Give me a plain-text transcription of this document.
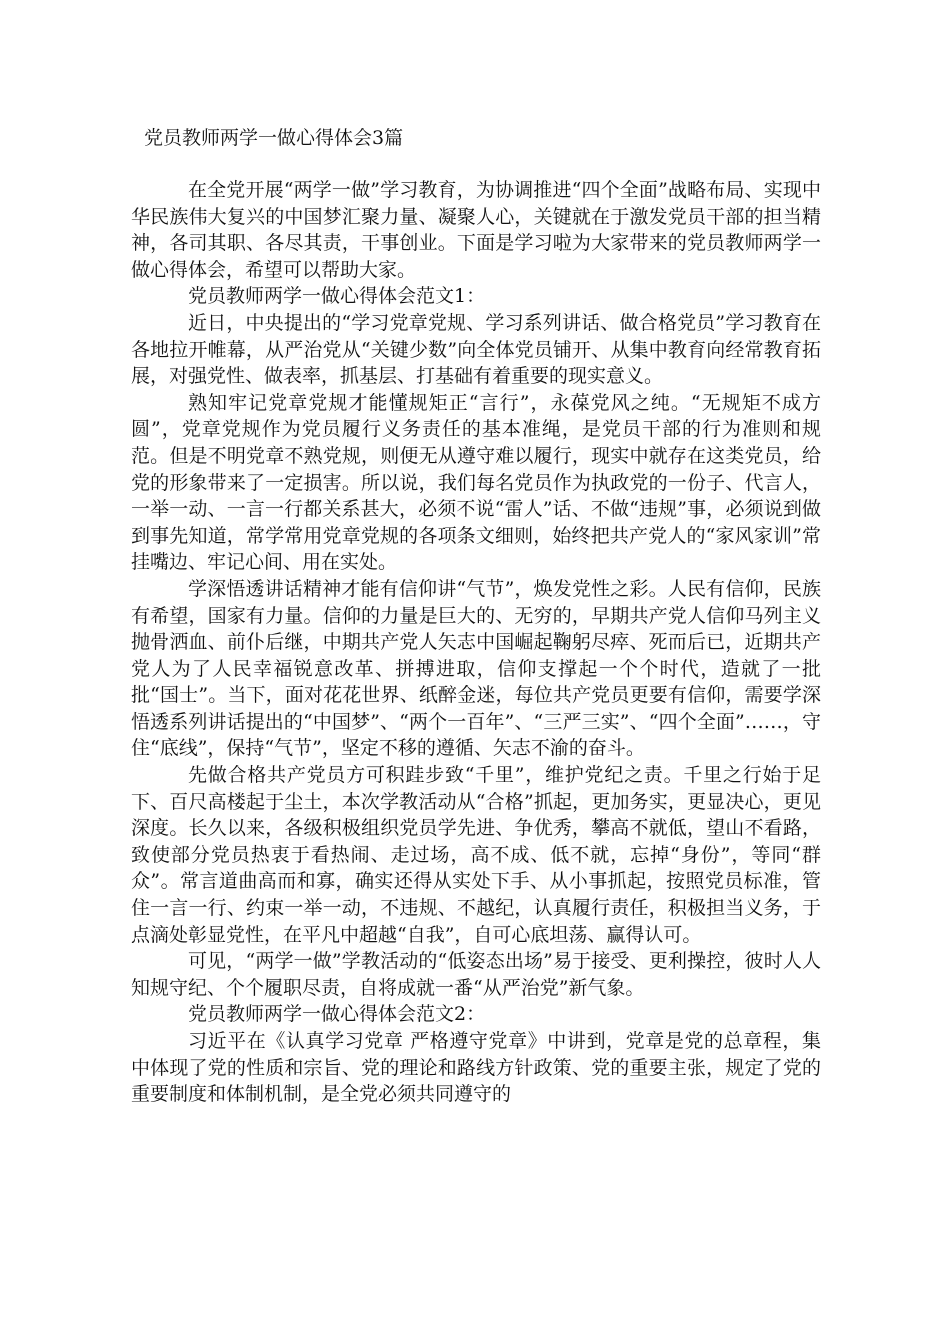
党员教师两学一做心得体会3篇

在全党开展“两学一做”学习教育，为协调推进“四个全面”战略布局、实现中华民族伟大复兴的中国梦汇聚力量、凝聚人心，关键就在于激发党员干部的担当精神，各司其职、各尽其责，干事创业。下面是学习啦为大家带来的党员教师两学一做心得体会，希望可以帮助大家。

党员教师两学一做心得体会范文1：

近日，中央提出的“学习党章党规、学习系列讲话、做合格党员”学习教育在各地拉开帷幕，从严治党从“关键少数”向全体党员铺开、从集中教育向经常教育拓展，对强党性、做表率，抓基层、打基础有着重要的现实意义。

熟知牢记党章党规才能懂规矩正“言行”，永葆党风之纯。“无规矩不成方圆”，党章党规作为党员履行义务责任的基本准绳，是党员干部的行为准则和规范。但是不明党章不熟党规，则便无从遵守难以履行，现实中就存在这类党员，给党的形象带来了一定损害。所以说，我们每名党员作为执政党的一份子、代言人，一举一动、一言一行都关系甚大，必须不说“雷人”话、不做“违规”事，必须说到做到事先知道，常学常用党章党规的各项条文细则，始终把共产党人的“家风家训”常挂嘴边、牢记心间、用在实处。

学深悟透讲话精神才能有信仰讲“气节”，焕发党性之彩。人民有信仰，民族有希望，国家有力量。信仰的力量是巨大的、无穷的，早期共产党人信仰马列主义抛骨洒血、前仆后继，中期共产党人矢志中国崛起鞠躬尽瘁、死而后已，近期共产党人为了人民幸福锐意改革、拼搏进取，信仰支撑起一个个时代，造就了一批批“国士”。当下，面对花花世界、纸醉金迷，每位共产党员更要有信仰，需要学深悟透系列讲话提出的“中国梦”、“两个一百年”、“三严三实”、“四个全面”……，守住“底线”，保持“气节”，坚定不移的遵循、矢志不渝的奋斗。

先做合格共产党员方可积跬步致“千里”，维护党纪之责。千里之行始于足下、百尺高楼起于尘土，本次学教活动从“合格”抓起，更加务实，更显决心，更见深度。长久以来，各级积极组织党员学先进、争优秀，攀高不就低，望山不看路，致使部分党员热衷于看热闹、走过场，高不成、低不就，忘掉“身份”，等同“群众”。常言道曲高而和寡，确实还得从实处下手、从小事抓起，按照党员标准，管住一言一行、约束一举一动，不违规、不越纪，认真履行责任，积极担当义务，于点滴处彰显党性，在平凡中超越“自我”，自可心底坦荡、赢得认可。

可见，“两学一做”学教活动的“低姿态出场”易于接受、更利操控，彼时人人知规守纪、个个履职尽责，自将成就一番“从严治党”新气象。

党员教师两学一做心得体会范文2：

习近平在《认真学习党章 严格遵守党章》中讲到，党章是党的总章程，集中体现了党的性质和宗旨、党的理论和路线方针政策、党的重要主张，规定了党的重要制度和体制机制，是全党必须共同遵守的
